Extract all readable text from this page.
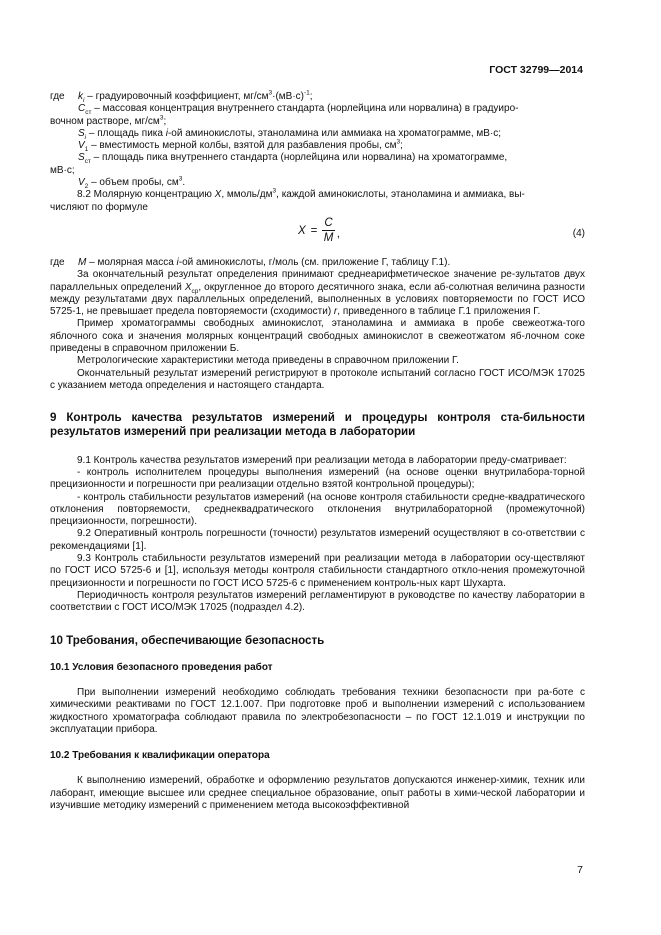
ГОСТ 32799—2014
где	$k_i$ – градуировочный коэффициент, $мг/см^3\cdot(мВ\cdot с)^{-1}$;

$C_{ст}$ – массовая концентрация внутреннего стандарта (норлейцина или норвалина) в градуиро-

вочном растворе, $мг/см^3$;

$S_i$ – площадь пика i-ой аминокислоты, этаноламина или аммиака на хроматограмме, мВ·с;

$V_1$ – вместимость мерной колбы, взятой для разбавления пробы, $см^3$;

$S_{ст}$ – площадь пика внутреннего стандарта (норлейцина или норвалина) на хроматограмме,

мВ·с;

$V_2$ – объем пробы, $см^3$.

8.2 Молярную концентрацию X, ммоль/$дм^3$, каждой аминокислоты, этаноламина и аммиака, вы-

числяют по формуле

$X = \frac{C}{M}$ ,	(4)
где	M – молярная масса i-ой аминокислоты, г/моль (см. приложение Г, таблицу Г.1).

За окончательный результат определения принимают среднеарифметическое значение ре-зультатов двух параллельных определений $X_{ср}$, округленное до второго десятичного знака, если аб-солютная величина разности между результатами двух параллельных определений, выполненных в условиях повторяемости по ГОСТ ИСО 5725-1, не превышает предела повторяемости (сходимости) r, приведенного в таблице Г.1 приложения Г.

Пример хроматограммы свободных аминокислот, этаноламина и аммиака в пробе свежеотжа-того яблочного сока и значения молярных концентраций свободных аминокислот в свежеотжатом яб-лочном соке приведены в справочном приложении Б.

Метрологические характеристики метода приведены в справочном приложении Г.

Окончательный результат измерений регистрируют в протоколе испытаний согласно ГОСТ ИСО/МЭК 17025 с указанием метода определения и настоящего стандарта.

9 Контроль качества результатов измерений и процедуры контроля ста-бильности результатов измерений при реализации метода в лаборатории

9.1 Контроль качества результатов измерений при реализации метода в лаборатории преду-сматривает:

- контроль исполнителем процедуры выполнения измерений (на основе оценки внутрилабора-торной прецизионности и погрешности при реализации отдельно взятой контрольной процедуры);

- контроль стабильности результатов измерений (на основе контроля стабильности средне-квадратического отклонения повторяемости, среднеквадратического отклонения внутрилабораторной (промежуточной) прецизионности, погрешности).

9.2 Оперативный контроль погрешности (точности) результатов измерений осуществляют в со-ответствии с рекомендациями [1].

9.3 Контроль стабильности результатов измерений при реализации метода в лаборатории осу-ществляют по ГОСТ ИСО 5725-6 и [1], используя методы контроля стабильности стандартного откло-нения промежуточной прецизионности и погрешности по ГОСТ ИСО 5725-6 с применением контроль-ных карт Шухарта.

Периодичность контроля результатов измерений регламентируют в руководстве по качеству лаборатории в соответствии с ГОСТ ИСО/МЭК 17025 (подраздел 4.2).

10 Требования, обеспечивающие безопасность
10.1 Условия безопасного проведения работ

При выполнении измерений необходимо соблюдать требования техники безопасности при ра-боте с химическими реактивами по ГОСТ 12.1.007. При подготовке проб и выполнении измерений с использованием жидкостного хроматографа соблюдают правила по электробезопасности – по ГОСТ 12.1.019 и инструкции по эксплуатации прибора.

10.2 Требования к квалификации оператора

К выполнению измерений, обработке и оформлению результатов допускаются инженер-химик, техник или лаборант, имеющие высшее или среднее специальное образование, опыт работы в хими-ческой лаборатории и изучившие методику измерений с применением метода высокоэффективной

7
